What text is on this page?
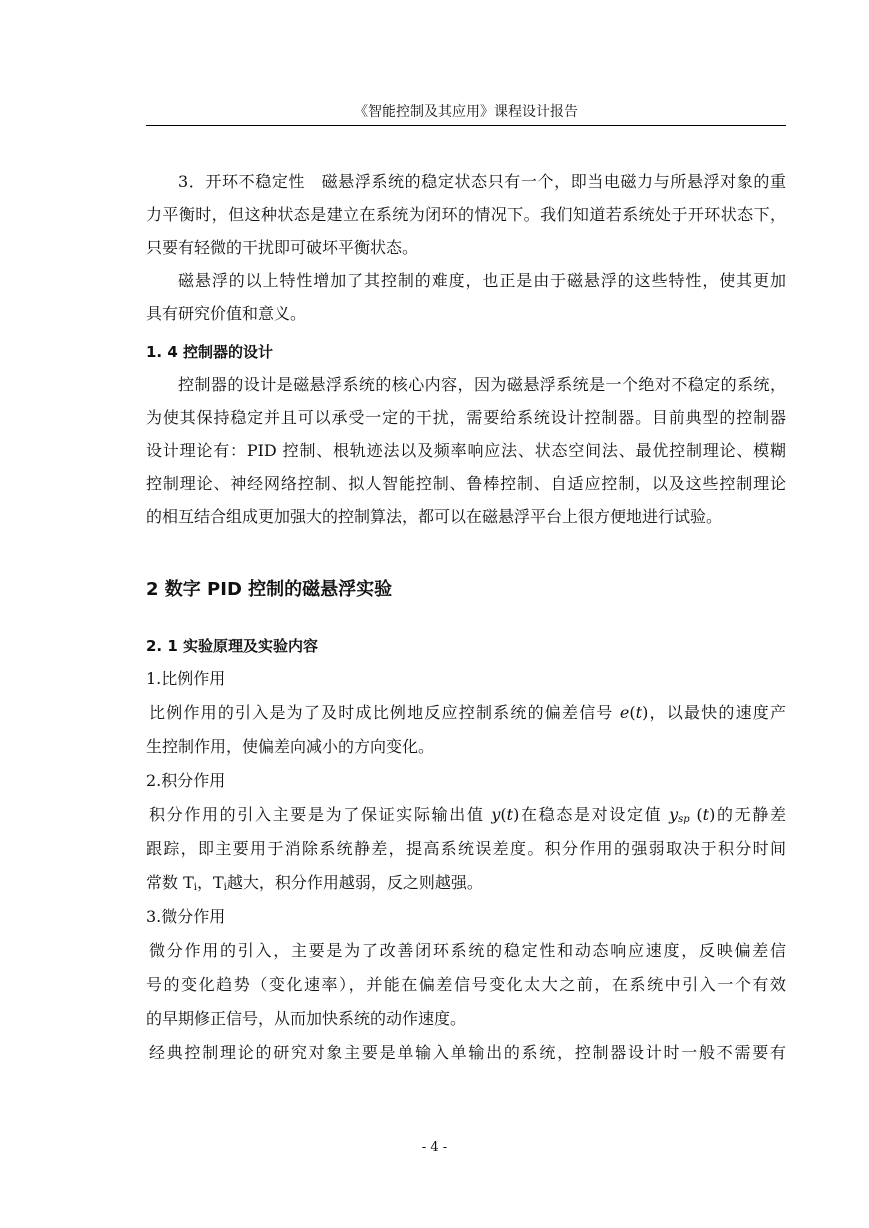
《智能控制及其应用》课程设计报告
3．开环不稳定性　磁悬浮系统的稳定状态只有一个，即当电磁力与所悬浮对象的重
力平衡时，但这种状态是建立在系统为闭环的情况下。我们知道若系统处于开环状态下，
只要有轻微的干扰即可破坏平衡状态。
磁悬浮的以上特性增加了其控制的难度，也正是由于磁悬浮的这些特性，使其更加
具有研究价值和意义。
1. 4 控制器的设计
控制器的设计是磁悬浮系统的核心内容，因为磁悬浮系统是一个绝对不稳定的系统，
为使其保持稳定并且可以承受一定的干扰，需要给系统设计控制器。目前典型的控制器
设计理论有：PID 控制、根轨迹法以及频率响应法、状态空间法、最优控制理论、模糊
控制理论、神经网络控制、拟人智能控制、鲁棒控制、自适应控制，以及这些控制理论
的相互结合组成更加强大的控制算法，都可以在磁悬浮平台上很方便地进行试验。
2 数字 PID 控制的磁悬浮实验
2. 1 实验原理及实验内容
1.比例作用
比例作用的引入是为了及时成比例地反应控制系统的偏差信号 e(t)，以最快的速度产
生控制作用，使偏差向减小的方向变化。
2.积分作用
积分作用的引入主要是为了保证实际输出值 y(t)在稳态是对设定值 $y_{sp}$ (t)的无静差
跟踪，即主要用于消除系统静差，提高系统误差度。积分作用的强弱取决于积分时间
常数 $T_i$，$T_i$越大，积分作用越弱，反之则越强。
3.微分作用
微分作用的引入，主要是为了改善闭环系统的稳定性和动态响应速度，反映偏差信
号的变化趋势（变化速率），并能在偏差信号变化太大之前，在系统中引入一个有效
的早期修正信号，从而加快系统的动作速度。
经典控制理论的研究对象主要是单输入单输出的系统，控制器设计时一般不需要有
- 4 -
